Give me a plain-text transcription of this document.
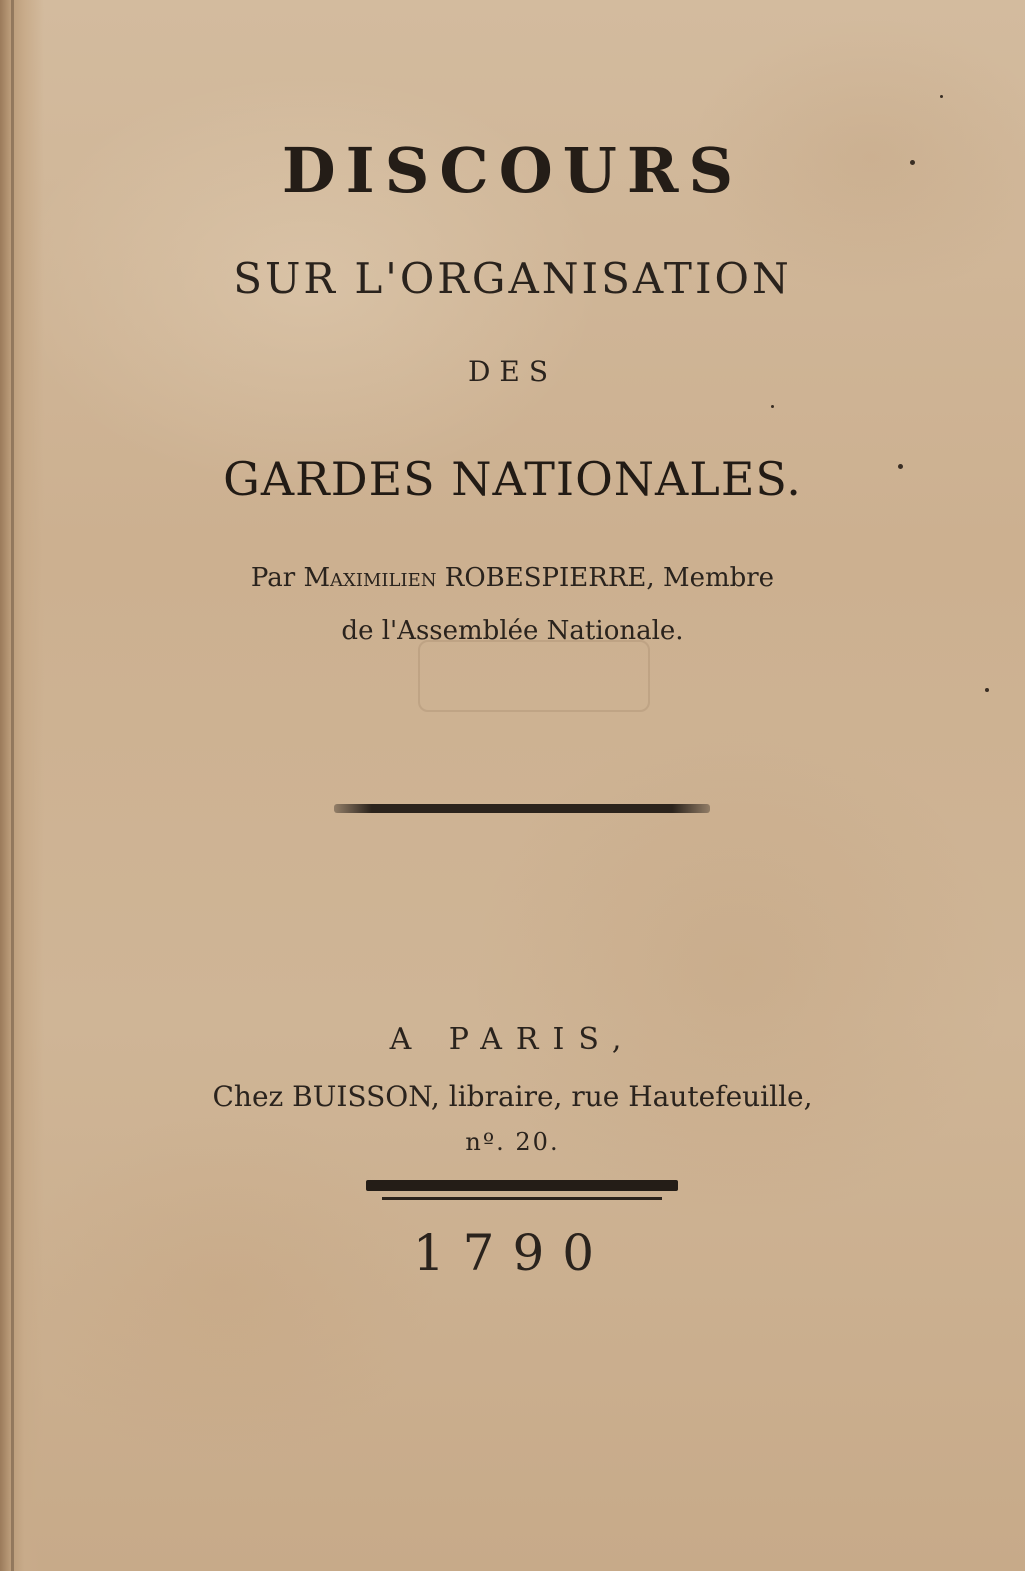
DISCOURS
SUR L'ORGANISATION
DES
GARDES NATIONALES.
Par Maximilien ROBESPIERRE, Membre
de l'Assemblée Nationale.
A PARIS,
Chez BUISSON, libraire, rue Hautefeuille,
nº. 20.
1790
